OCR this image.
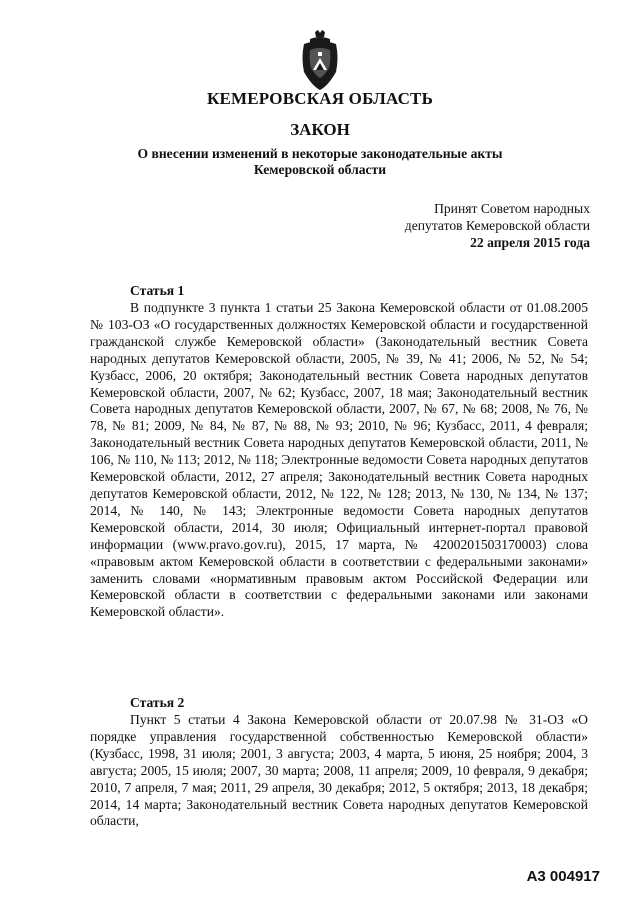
КЕМЕРОВСКАЯ ОБЛАСТЬ
ЗАКОН
О внесении изменений в некоторые законодательные акты
Кемеровской области
Принят Советом народных
депутатов Кемеровской области
22 апреля 2015 года
Статья 1

В подпункте 3 пункта 1 статьи 25 Закона Кемеровской области от 01.08.2005 № 103-ОЗ «О государственных должностях Кемеровской области и государственной гражданской службе Кемеровской области» (Законодательный вестник Совета народных депутатов Кемеровской области, 2005, № 39, № 41; 2006, № 52, № 54; Кузбасс, 2006, 20 октября; Законодательный вестник Совета народных депутатов Кемеровской области, 2007, № 62; Кузбасс, 2007, 18 мая; Законодательный вестник Совета народных депутатов Кемеровской области, 2007, № 67, № 68; 2008, № 76, № 78, № 81; 2009, № 84, № 87, № 88, № 93; 2010, № 96; Кузбасс, 2011, 4 февраля; Законодательный вестник Совета народных депутатов Кемеровской области, 2011, № 106, № 110, № 113; 2012, № 118; Электронные ведомости Совета народных депутатов Кемеровской области, 2012, 27 апреля; Законодательный вестник Совета народных депутатов Кемеровской области, 2012, № 122, № 128; 2013, № 130, № 134, № 137; 2014, № 140, № 143; Электронные ведомости Совета народных депутатов Кемеровской области, 2014, 30 июля; Официальный интернет-портал правовой информации (www.pravo.gov.ru), 2015, 17 марта, № 4200201503170003) слова «правовым актом Кемеровской области в соответствии с федеральными законами» заменить словами «нормативным правовым актом Российской Федерации или Кемеровской области в соответствии с федеральными законами или законами Кемеровской области».

Статья 2

Пункт 5 статьи 4 Закона Кемеровской области от 20.07.98 № 31-ОЗ «О порядке управления государственной собственностью Кемеровской области» (Кузбасс, 1998, 31 июля; 2001, 3 августа; 2003, 4 марта, 5 июня, 25 ноября; 2004, 3 августа; 2005, 15 июля; 2007, 30 марта; 2008, 11 апреля; 2009, 10 февраля, 9 декабря; 2010, 7 апреля, 7 мая; 2011, 29 апреля, 30 декабря; 2012, 5 октября; 2013, 18 декабря; 2014, 14 марта; Законодательный вестник Совета народных депутатов Кемеровской области,

А3 004917
